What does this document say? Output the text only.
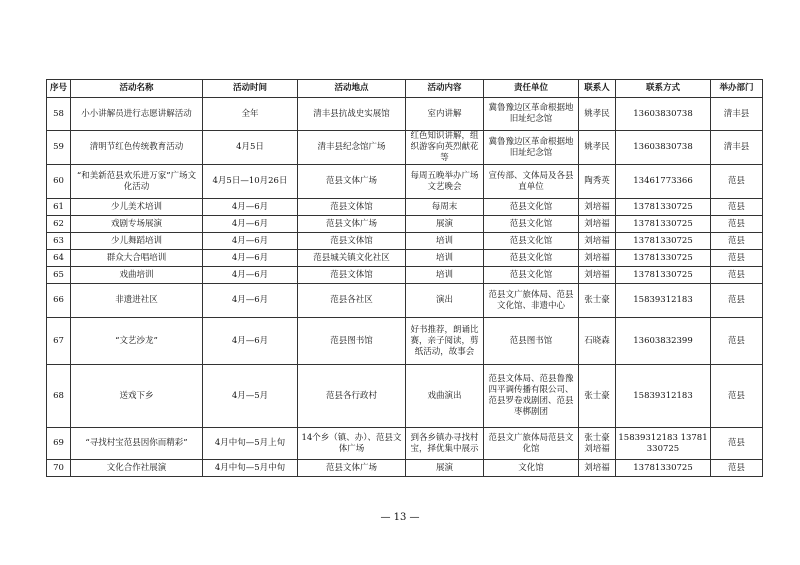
序号	活动名称	活动时间	活动地点	活动内容	责任单位	联系人	联系方式	举办部门
58	小小讲解员进行志愿讲解活动	全年	清丰县抗战史实展馆	室内讲解	冀鲁豫边区革命根据地旧址纪念馆	姚孝民	13603830738	清丰县
59	清明节红色传统教育活动	4月5日	清丰县纪念馆广场	红色知识讲解，组织游客向英烈献花等	冀鲁豫边区革命根据地旧址纪念馆	姚孝民	13603830738	清丰县
60	“和美新范县欢乐进万家”广场文化活动	4月5日—10月26日	范县文体广场	每周五晚举办广场文艺晚会	宣传部、文体局及各县直单位	陶秀英	13461773366	范县
61	少儿美术培训	4月—6月	范县文体馆	每周末	范县文化馆	刘培福	13781330725	范县
62	戏剧专场展演	4月—6月	范县文体广场	展演	范县文化馆	刘培福	13781330725	范县
63	少儿舞蹈培训	4月—6月	范县文体馆	培训	范县文化馆	刘培福	13781330725	范县
64	群众大合唱培训	4月—6月	范县城关镇文化社区	培训	范县文化馆	刘培福	13781330725	范县
65	戏曲培训	4月—6月	范县文体馆	培训	范县文化馆	刘培福	13781330725	范县
66	非遗进社区	4月—6月	范县各社区	演出	范县文广旅体局、范县文化馆、非遗中心	张士豪	15839312183	范县
67	“文艺沙龙”	4月—6月	范县图书馆	好书推荐，朗诵比赛，亲子阅读，剪纸活动，故事会	范县图书馆	石晓森	13603832399	范县
68	送戏下乡	4月—5月	范县各行政村	戏曲演出	范县文体局、范县鲁豫四平调传播有限公司、范县罗卷戏剧团、范县枣梆剧团	张士豪	15839312183	范县
69	“寻找村宝范县因你而精彩”	4月中旬—5月上旬	14个乡（镇、办）、范县文体广场	到各乡镇办寻找村宝，择优集中展示	范县文广旅体局范县文化馆	张士豪 刘培福	15839312183 13781330725	范县
70	文化合作社展演	4月中旬—5月中旬	范县文体广场	展演	文化馆	刘培福	13781330725	范县
— 13 —
